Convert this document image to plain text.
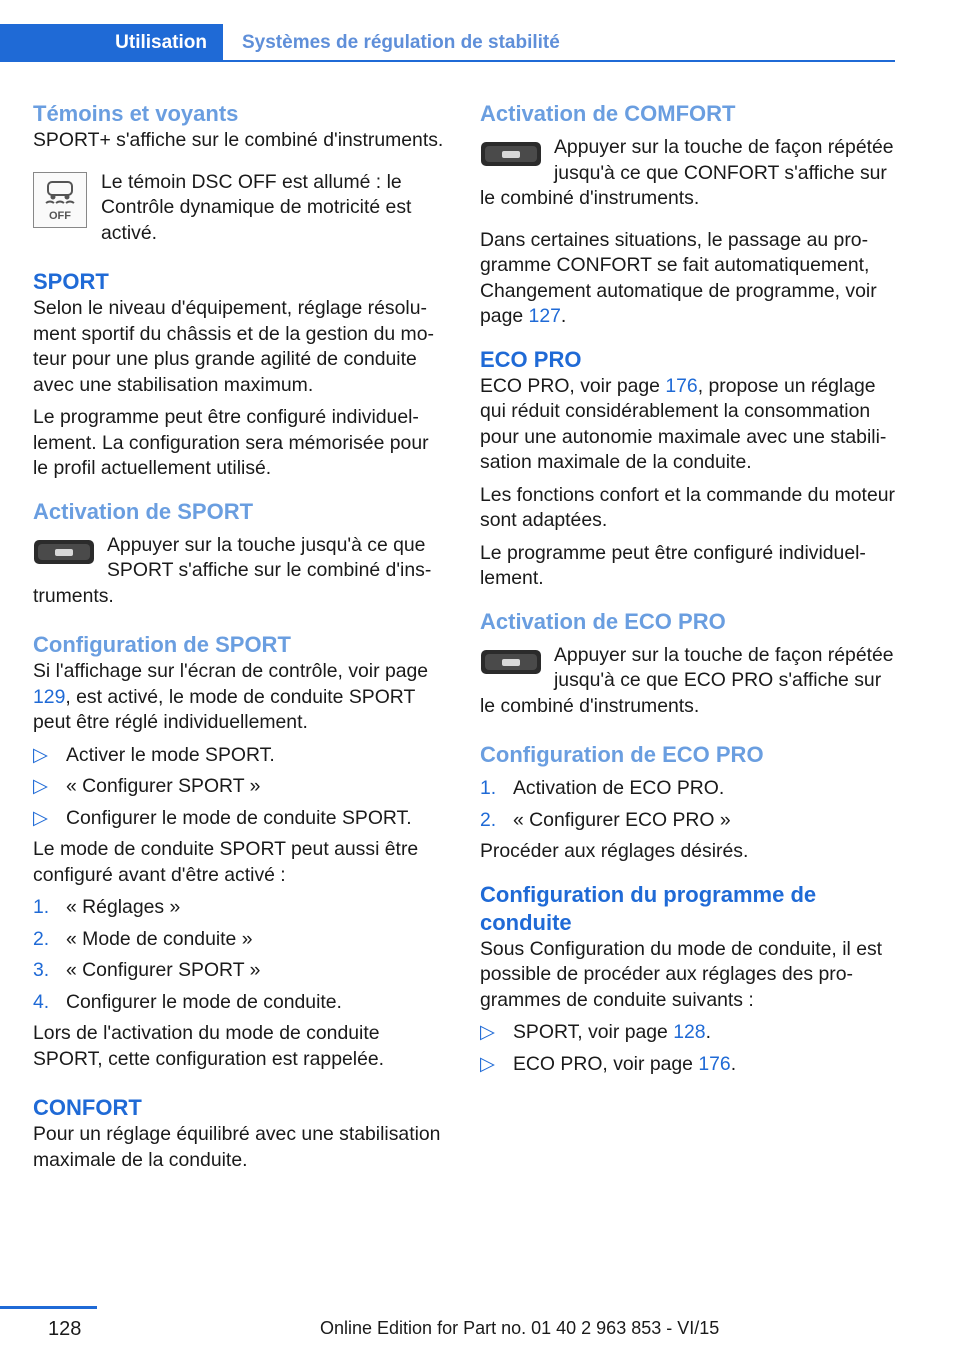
Utilisation Systèmes de régulation de stabilité
Témoins et voyants

SPORT+ s'affiche sur le combiné d'instruments.

OFF

Le témoin DSC OFF est allumé : le Contrôle dynamique de motricité est activé.

SPORT

Selon le niveau d'équipement, réglage résolument sportif du châssis et de la gestion du moteur pour une plus grande agilité de conduite avec une stabilisation maximum.

Le programme peut être configuré individuellement. La configuration sera mémorisée pour le profil actuellement utilisé.

Activation de SPORT

Appuyer sur la touche jusqu'à ce que SPORT s'affiche sur le combiné d'instruments.

Configuration de SPORT

Si l'affichage sur l'écran de contrôle, voir page 129, est activé, le mode de conduite SPORT peut être réglé individuellement.

▷ Activer le mode SPORT.
▷ « Configurer SPORT »
▷ Configurer le mode de conduite SPORT.

Le mode de conduite SPORT peut aussi être configuré avant d'être activé :

1. « Réglages »
2. « Mode de conduite »
3. « Configurer SPORT »
4. Configurer le mode de conduite.

Lors de l'activation du mode de conduite SPORT, cette configuration est rappelée.

CONFORT

Pour un réglage équilibré avec une stabilisation maximale de la conduite.

Activation de COMFORT

Appuyer sur la touche de façon répétée jusqu'à ce que CONFORT s'affiche sur le combiné d'instruments.

Dans certaines situations, le passage au programme CONFORT se fait automatiquement, Changement automatique de programme, voir page 127.

ECO PRO

ECO PRO, voir page 176, propose un réglage qui réduit considérablement la consommation pour une autonomie maximale avec une stabilisation maximale de la conduite.

Les fonctions confort et la commande du moteur sont adaptées.

Le programme peut être configuré individuellement.

Activation de ECO PRO

Appuyer sur la touche de façon répétée jusqu'à ce que ECO PRO s'affiche sur le combiné d'instruments.

Configuration de ECO PRO
1. Activation de ECO PRO.
2. « Configurer ECO PRO »

Procéder aux réglages désirés.

Configuration du programme de conduite

Sous Configuration du mode de conduite, il est possible de procéder aux réglages des programmes de conduite suivants :

▷ SPORT, voir page 128.
▷ ECO PRO, voir page 176.
128	Online Edition for Part no. 01 40 2 963 853 - VI/15
